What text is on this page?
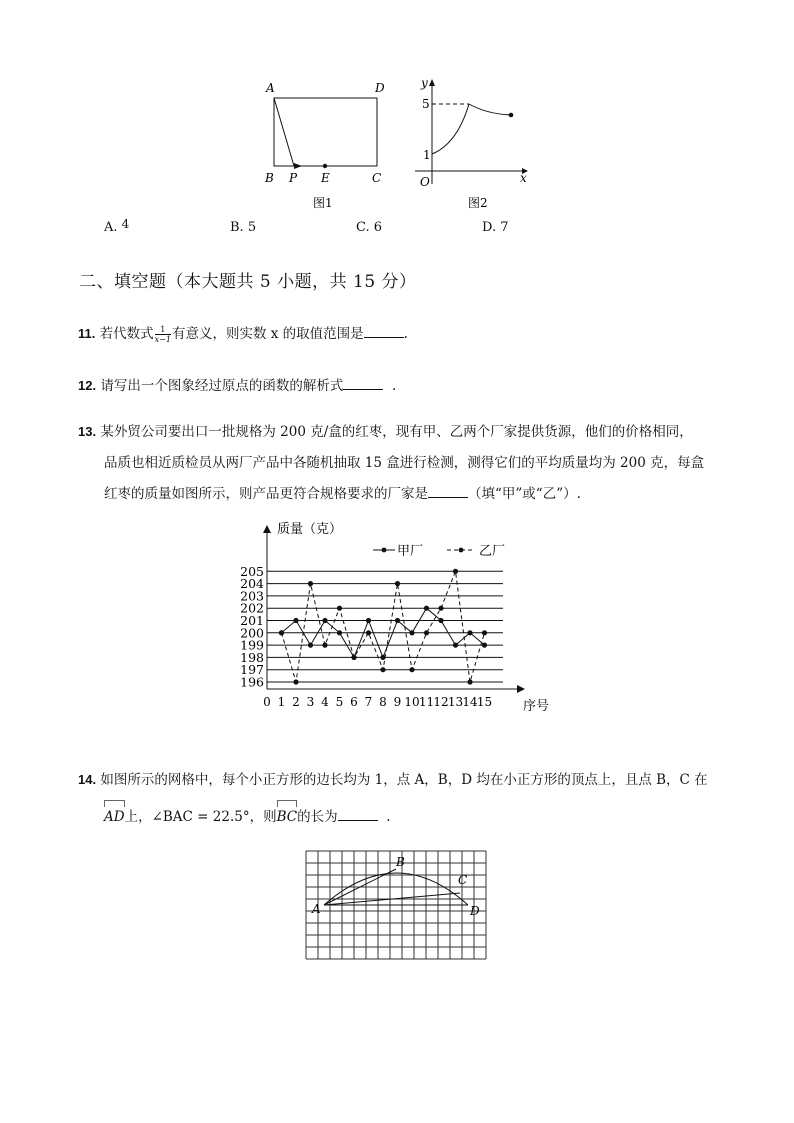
A	D
B P E	C
图1
y
x
O
5
1
图2
A. 4	B. 5	C. 6	D. 7
二、填空题（本大题共 5 小题，共 15 分）
11. 若代数式 $\frac{1}{x-1}$ 有意义，则实数 x 的取值范围是	.
12. 请写出一个图象经过原点的函数的解析式	.
13. 某外贸公司要出口一批规格为 200 克/盒的红枣，现有甲、乙两个厂家提供货源，他们的价格相同，
品质也相近质检员从两厂产品中各随机抽取 15 盒进行检测，测得它们的平均质量均为 200 克，每盒
红枣的质量如图所示，则产品更符合规格要求的厂家是	（填“甲”或“乙”）.
质量（克）
序号
甲厂	乙厂
196
197
198
199
200
201
202
203
204
205
0 1 2 3 4 5 6 7 8 9 10 11 12 13 14 15
14. 如图所示的网格中，每个小正方形的边长均为 1，点 A，B，D 均在小正方形的顶点上，且点 B，C 在
AD上，∠BAC = 22.5°，则
BC的长为	.
A
B
C
D
